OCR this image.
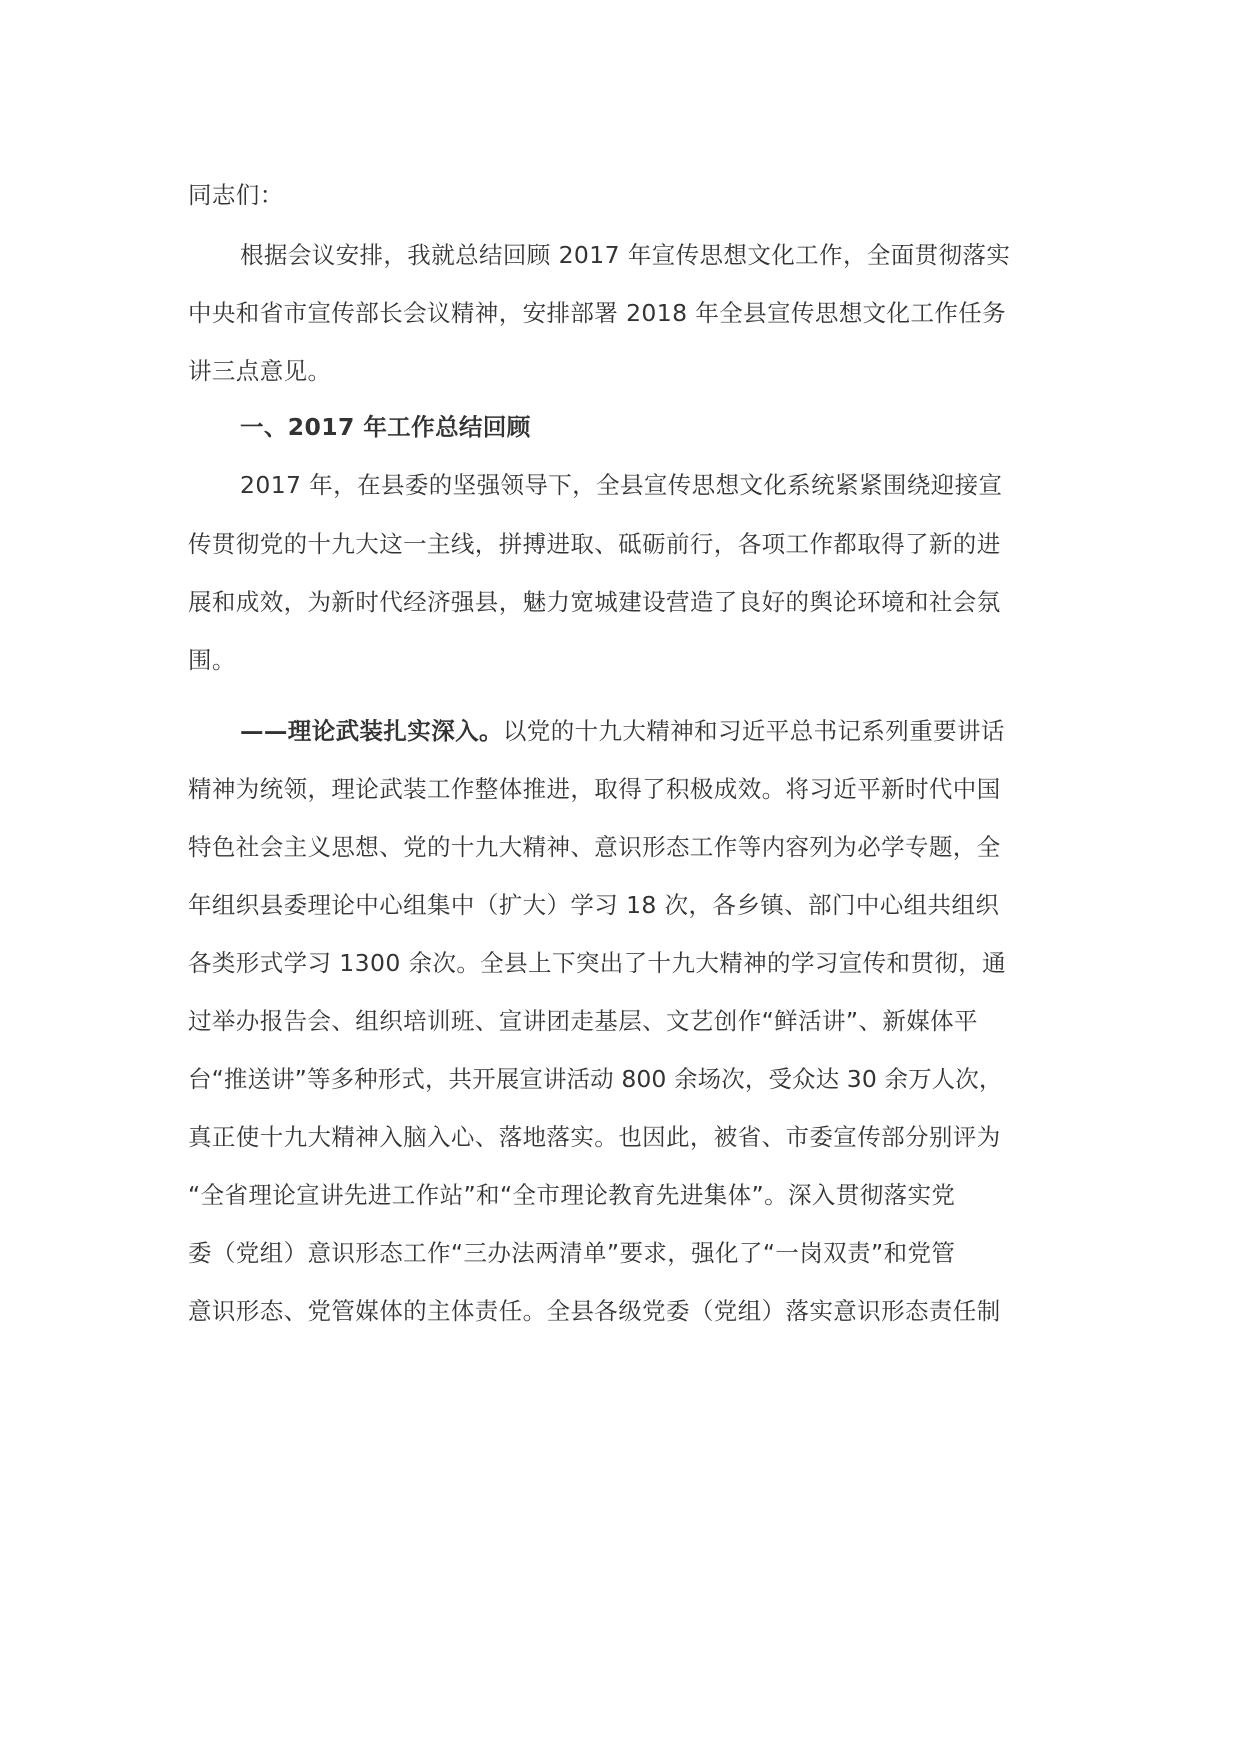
同志们：
根据会议安排，我就总结回顾 2017 年宣传思想文化工作，全面贯彻落实
中央和省市宣传部长会议精神，安排部署 2018 年全县宣传思想文化工作任务
讲三点意见。
一、2017 年工作总结回顾
2017 年，在县委的坚强领导下，全县宣传思想文化系统紧紧围绕迎接宣
传贯彻党的十九大这一主线，拼搏进取、砥砺前行，各项工作都取得了新的进
展和成效，为新时代经济强县，魅力宽城建设营造了良好的舆论环境和社会氛
围。
——理论武装扎实深入。以党的十九大精神和习近平总书记系列重要讲话
精神为统领，理论武装工作整体推进，取得了积极成效。将习近平新时代中国
特色社会主义思想、党的十九大精神、意识形态工作等内容列为必学专题，全
年组织县委理论中心组集中（扩大）学习 18 次，各乡镇、部门中心组共组织
各类形式学习 1300 余次。全县上下突出了十九大精神的学习宣传和贯彻，通
过举办报告会、组织培训班、宣讲团走基层、文艺创作“鲜活讲”、新媒体平
台“推送讲”等多种形式，共开展宣讲活动 800 余场次，受众达 30 余万人次，
真正使十九大精神入脑入心、落地落实。也因此，被省、市委宣传部分别评为
“全省理论宣讲先进工作站”和“全市理论教育先进集体”。深入贯彻落实党
委（党组）意识形态工作“三办法两清单”要求，强化了“一岗双责”和党管
意识形态、党管媒体的主体责任。全县各级党委（党组）落实意识形态责任制
